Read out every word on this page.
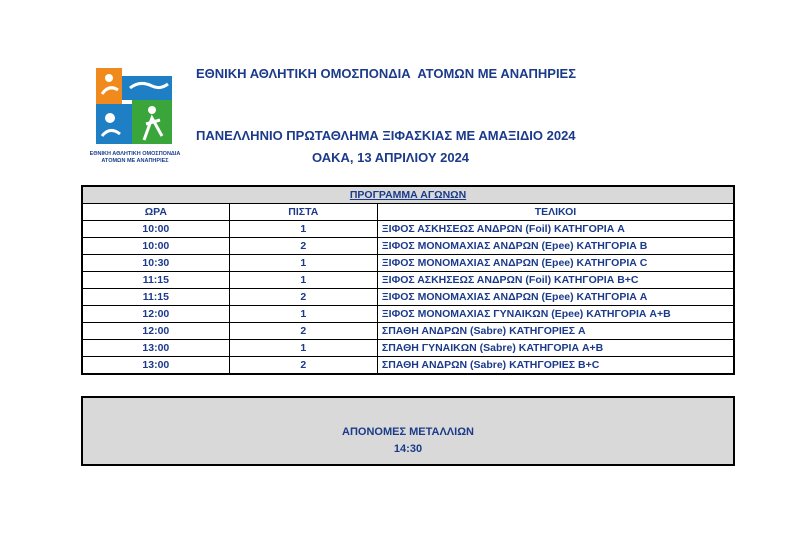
ΕΘΝΙΚΗ ΑΘΛΗΤΙΚΗ ΟΜΟΣΠΟΝΔΙΑ
ΑΤΟΜΩΝ ΜΕ ΑΝΑΠΗΡΙΕΣ
ΕΘΝΙΚΗ ΑΘΛΗΤΙΚΗ ΟΜΟΣΠΟΝΔΙΑ  ΑΤΟΜΩΝ ΜΕ ΑΝΑΠΗΡΙΕΣ
ΠΑΝΕΛΛΗΝΙΟ ΠΡΩΤΑΘΛΗΜΑ ΞΙΦΑΣΚΙΑΣ ΜΕ ΑΜΑΞΙΔΙΟ 2024
ΟΑΚΑ, 13 ΑΠΡΙΛΙΟΥ 2024
ΠΡΟΓΡΑΜΜΑ ΑΓΩΝΩΝ		
ΩΡΑ	ΠΙΣΤΑ	ΤΕΛΙΚΟΙ
10:00	1	ΞΙΦΟΣ ΑΣΚΗΣΕΩΣ ΑΝΔΡΩΝ (Foil) ΚΑΤΗΓΟΡΙΑ A
10:00	2	ΞΙΦΟΣ ΜΟΝΟΜΑΧΙΑΣ ΑΝΔΡΩΝ (Epee) ΚΑΤΗΓΟΡΙΑ B
10:30	1	ΞΙΦΟΣ ΜΟΝΟΜΑΧΙΑΣ ΑΝΔΡΩΝ (Epee) ΚΑΤΗΓΟΡΙΑ C
11:15	1	ΞΙΦΟΣ ΑΣΚΗΣΕΩΣ ΑΝΔΡΩΝ (Foil) ΚΑΤΗΓΟΡΙΑ B+C
11:15	2	ΞΙΦΟΣ ΜΟΝΟΜΑΧΙΑΣ ΑΝΔΡΩΝ (Epee) ΚΑΤΗΓΟΡΙΑ A
12:00	1	ΞΙΦΟΣ ΜΟΝΟΜΑΧΙΑΣ ΓΥΝΑΙΚΩΝ (Epee) ΚΑΤΗΓΟΡΙΑ A+B
12:00	2	ΣΠΑΘΗ ΑΝΔΡΩΝ (Sabre) ΚΑΤΗΓΟΡΙΕΣ A
13:00	1	ΣΠΑΘΗ ΓΥΝΑΙΚΩΝ (Sabre) ΚΑΤΗΓΟΡΙΑ A+B
13:00	2	ΣΠΑΘΗ ΑΝΔΡΩΝ (Sabre) ΚΑΤΗΓΟΡΙΕΣ B+C
ΑΠΟΝΟΜΕΣ ΜΕΤΑΛΛΙΩΝ
14:30
